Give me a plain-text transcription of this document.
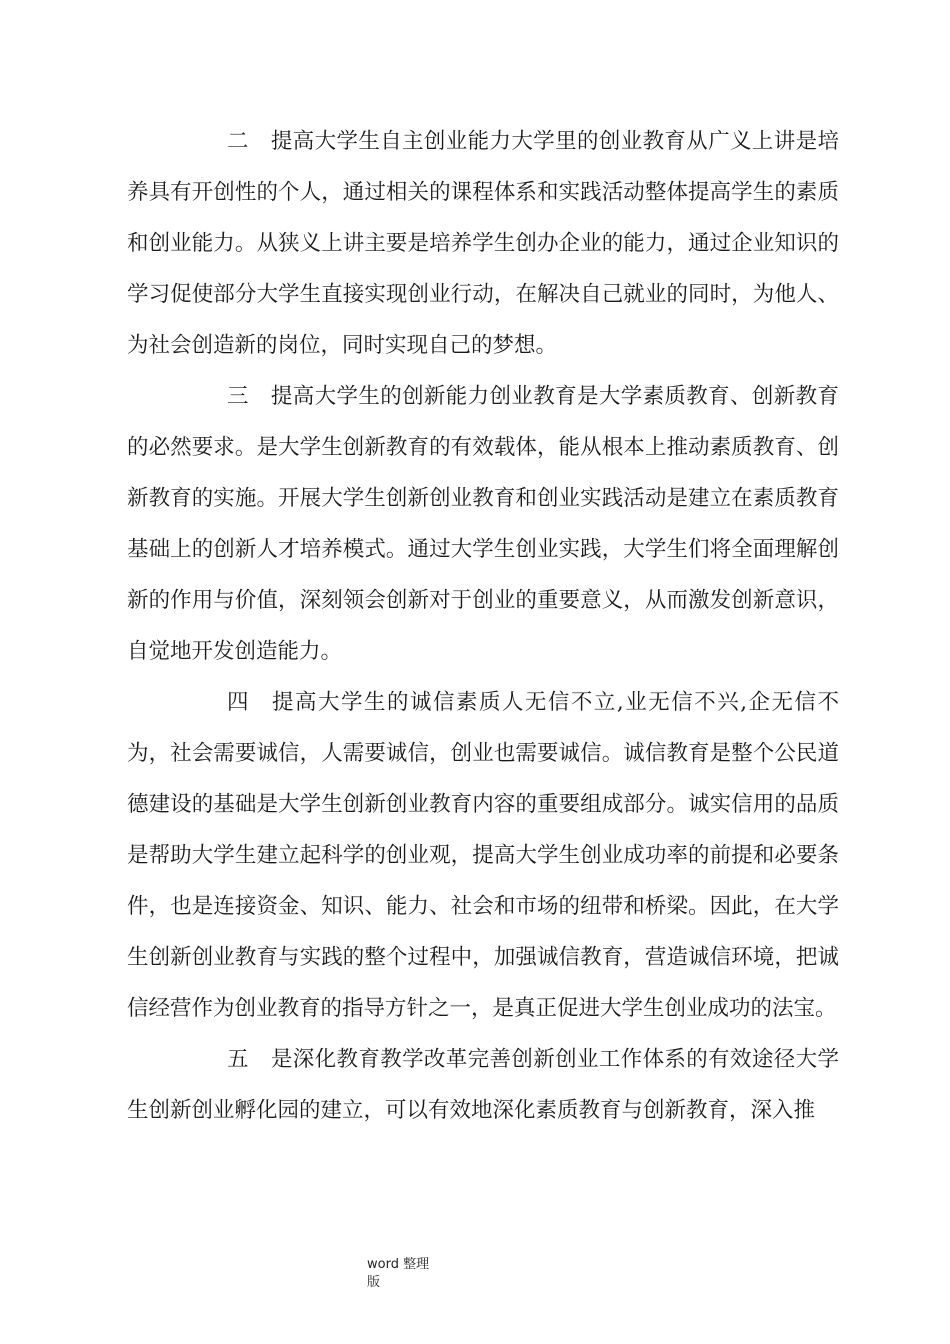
二 提高大学生自主创业能力大学里的创业教育从广义上讲是培养具有开创性的个人，通过相关的课程体系和实践活动整体提高学生的素质和创业能力。从狭义上讲主要是培养学生创办企业的能力，通过企业知识的学习促使部分大学生直接实现创业行动，在解决自己就业的同时，为他人、为社会创造新的岗位，同时实现自己的梦想。

三 提高大学生的创新能力创业教育是大学素质教育、创新教育的必然要求。是大学生创新教育的有效载体，能从根本上推动素质教育、创新教育的实施。开展大学生创新创业教育和创业实践活动是建立在素质教育基础上的创新人才培养模式。通过大学生创业实践，大学生们将全面理解创新的作用与价值，深刻领会创新对于创业的重要意义，从而激发创新意识，自觉地开发创造能力。

四 提高大学生的诚信素质人无信不立,业无信不兴,企无信不为，社会需要诚信，人需要诚信，创业也需要诚信。诚信教育是整个公民道德建设的基础是大学生创新创业教育内容的重要组成部分。诚实信用的品质是帮助大学生建立起科学的创业观，提高大学生创业成功率的前提和必要条件，也是连接资金、知识、能力、社会和市场的纽带和桥梁。因此，在大学生创新创业教育与实践的整个过程中，加强诚信教育，营造诚信环境，把诚信经营作为创业教育的指导方针之一，是真正促进大学生创业成功的法宝。

五 是深化教育教学改革完善创新创业工作体系的有效途径大学生创新创业孵化园的建立，可以有效地深化素质教育与创新教育，深入推

word 整理
版
